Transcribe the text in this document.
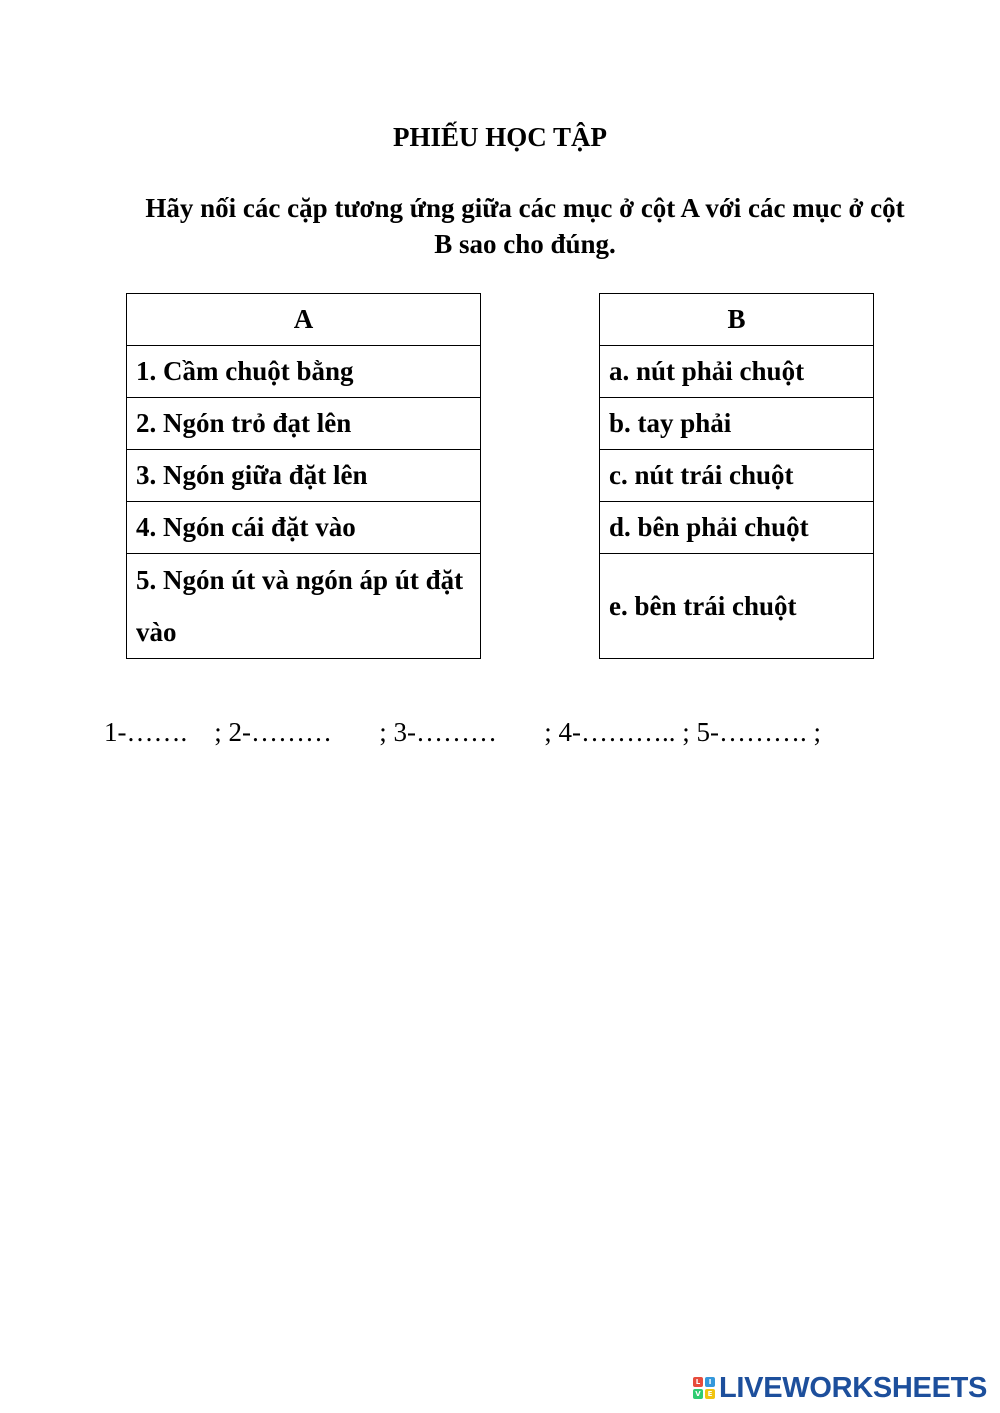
PHIẾU HỌC TẬP
Hãy nối các cặp tương ứng giữa các mục ở cột A với các mục ở cột
B sao cho đúng.
A
1. Cầm chuột bằng
2. Ngón trỏ đạt lên
3. Ngón giữa đặt lên
4. Ngón cái đặt vào
5. Ngón út và ngón áp út đặt vào
B
a. nút phải chuột
b. tay phải
c. nút trái chuột
d. bên phải chuột
e. bên trái chuột
1-…….    ; 2-………       ; 3-………       ; 4-……….. ; 5-………. ;
L	I
V E LIVEWORKSHEETS
